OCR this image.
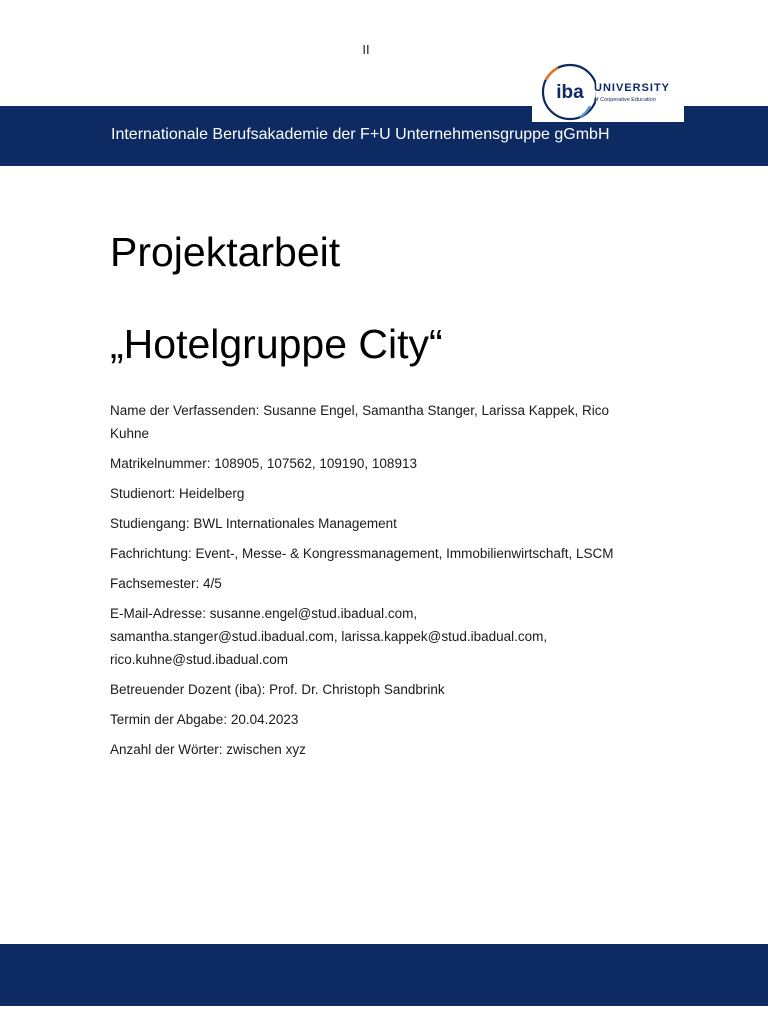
II
Internationale Berufsakademie der F+U Unternehmensgruppe gGmbH
iba UNIVERSITY
of Cooperative Education
Projektarbeit
„Hotelgruppe City“

Name der Verfassenden: Susanne Engel, Samantha Stanger, Larissa Kappek, Rico Kuhne

Matrikelnummer: 108905, 107562, 109190, 108913

Studienort: Heidelberg

Studiengang: BWL Internationales Management

Fachrichtung: Event-, Messe- & Kongressmanagement, Immobilienwirtschaft, LSCM

Fachsemester: 4/5

E-Mail-Adresse: susanne.engel@stud.ibadual.com, samantha.stanger@stud.ibadual.com, larissa.kappek@stud.ibadual.com, rico.kuhne@stud.ibadual.com

Betreuender Dozent (iba): Prof. Dr. Christoph Sandbrink

Termin der Abgabe: 20.04.2023

Anzahl der Wörter: zwischen xyz
